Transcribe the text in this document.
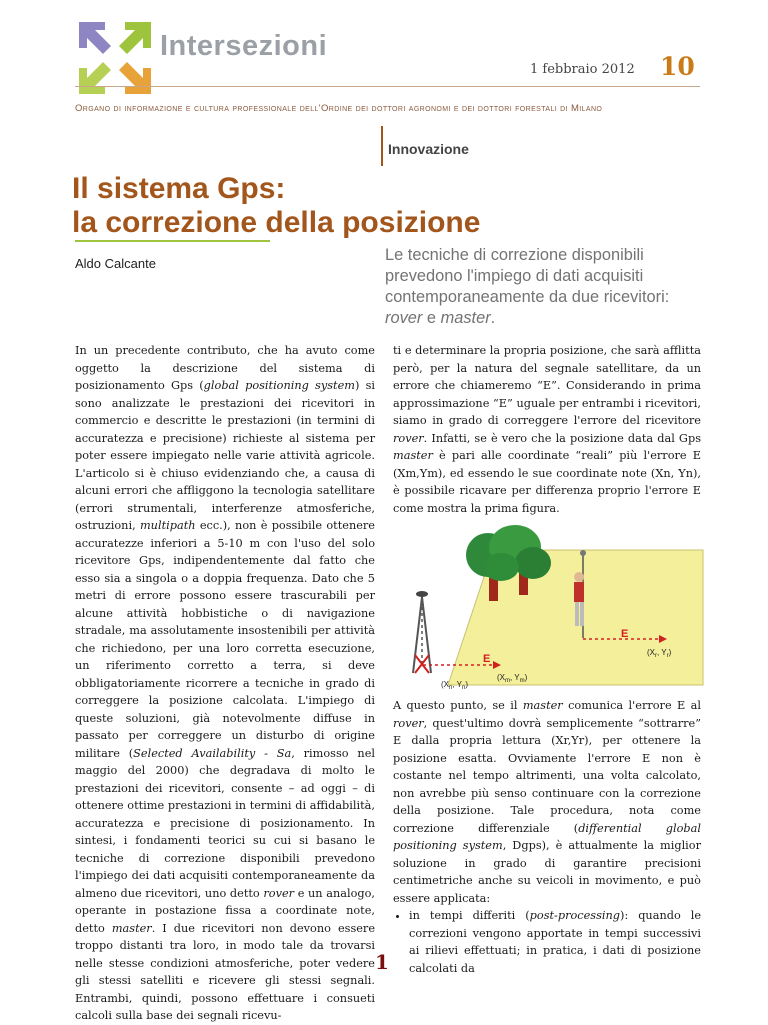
Intersezioni
1 febbraio 2012 10
Organo di informazione e cultura professionale dell'Ordine dei dottori agronomi e dei dottori forestali di Milano
Innovazione
Il sistema Gps:
la correzione della posizione
Aldo Calcante	Le tecniche di correzione disponibili prevedono l'impiego di dati acquisiti contemporaneamente da due ricevitori: rover e master.

In un precedente contributo, che ha avuto come oggetto la descrizione del sistema di posizionamento Gps (global positioning system) si sono analizzate le prestazioni dei ricevitori in commercio e descritte le prestazioni (in termini di accuratezza e precisione) richieste al sistema per poter essere impiegato nelle varie attività agricole. L'articolo si è chiuso evidenziando che, a causa di alcuni errori che affliggono la tecnologia satellitare (errori strumentali, interferenze atmosferiche, ostruzioni, multipath ecc.), non è possibile ottenere accuratezze inferiori a 5-10 m con l'uso del solo ricevitore Gps, indipendentemente dal fatto che esso sia a singola o a doppia frequenza. Dato che 5 metri di errore possono essere trascurabili per alcune attività hobbistiche o di navigazione stradale, ma assolutamente insostenibili per attività che richiedono, per una loro corretta esecuzione, un riferimento corretto a terra, si deve obbligatoriamente ricorrere a tecniche in grado di correggere la posizione calcolata. L'impiego di queste soluzioni, già notevolmente diffuse in passato per correggere un disturbo di origine militare (Selected Availability - Sa, rimosso nel maggio del 2000) che degradava di molto le prestazioni dei ricevitori, consente – ad oggi – di ottenere ottime prestazioni in termini di affidabilità, accuratezza e precisione di posizionamento. In sintesi, i fondamenti teorici su cui si basano le tecniche di correzione disponibili prevedono l'impiego dei dati acquisiti contemporaneamente da almeno due ricevitori, uno detto rover e un analogo, operante in postazione fissa a coordinate note, detto master. I due ricevitori non devono essere troppo distanti tra loro, in modo tale da trovarsi nelle stesse condizioni atmosferiche, poter vedere gli stessi satelliti e ricevere gli stessi segnali. Entrambi, quindi, possono effettuare i consueti calcoli sulla base dei segnali ricevu-

ti e determinare la propria posizione, che sarà afflitta però, per la natura del segnale satellitare, da un errore che chiameremo “E”. Considerando in prima approssimazione “E” uguale per entrambi i ricevitori, siamo in grado di correggere l'errore del ricevitore rover. Infatti, se è vero che la posizione data dal Gps master è pari alle coordinate “reali” più l'errore E (Xm,Ym), ed essendo le sue coordinate note (Xn, Yn), è possibile ricavare per differenza proprio l'errore E come mostra la prima figura.

E
E
($X_r$, $Y_r$)
($X_n$, $Y_n$)
($X_m$, $Y_m$)

A questo punto, se il master comunica l'errore E al rover, quest'ultimo dovrà semplicemente “sottrarre” E dalla propria lettura (Xr,Yr), per ottenere la posizione esatta. Ovviamente l'errore E non è costante nel tempo altrimenti, una volta calcolato, non avrebbe più senso continuare con la correzione della posizione. Tale procedura, nota come correzione differenziale (differential global positioning system, Dgps), è attualmente la miglior soluzione in grado di garantire precisioni centimetriche anche su veicoli in movimento, e può essere applicata:

• in tempi differiti (post-processing): quando le correzioni vengono apportate in tempi successivi ai rilievi effettuati; in pratica, i dati di posizione calcolati da
1
